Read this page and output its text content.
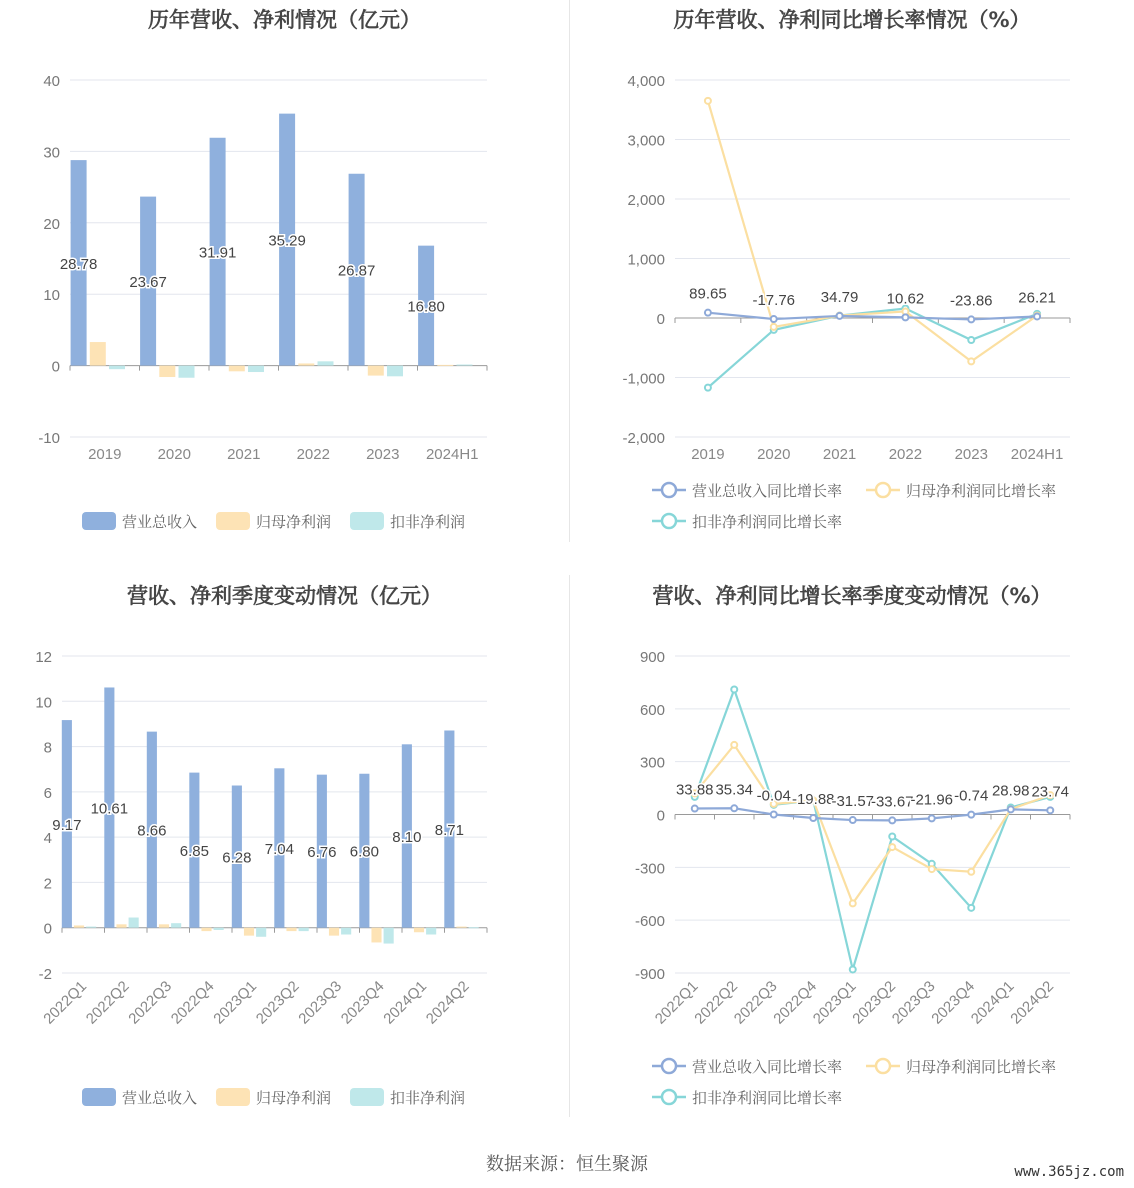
历年营收、净利情况（亿元）
-10
0
10
20
30
40
2019 2020 2021 2022 2023 2024H1
28.78
23.67
31.91
35.29
26.87
16.80
营业总收入	归母净利润	扣非净利润
历年营收、净利同比增长率情况（%）
-2,000
-1,000
0
1,000
2,000
3,000
4,000
2019 2020 2021 2022 2023 2024H1
89.65 -17.76 34.79 10.62 -23.86 26.21
营业总收入同比增长率	归母净利润同比增长率
扣非净利润同比增长率
营收、净利季度变动情况（亿元）
-2
0
2
4
6
8
10
12
2022Q1
2022Q2
2022Q3
2022Q4
2023Q1
2023Q2
2023Q3
2023Q4
2024Q1
2024Q2
9.17
10.61
8.66
6.85 6.28
7.04 6.76 6.80
8.10 8.71
营业总收入	归母净利润	扣非净利润
营收、净利同比增长率季度变动情况（%）
-900
-600
-300
0
300
600
900
2022Q1
2022Q2
2022Q3
2022Q4
2023Q1
2023Q2
2023Q3
2023Q4
2024Q1
2024Q2
33.88 35.34 -0.04 -19.88
-31.57
-33.67
-21.96 -0.74 28.98 23.74
营业总收入同比增长率	归母净利润同比增长率
扣非净利润同比增长率
数据来源：恒生聚源	www.365jz.com
